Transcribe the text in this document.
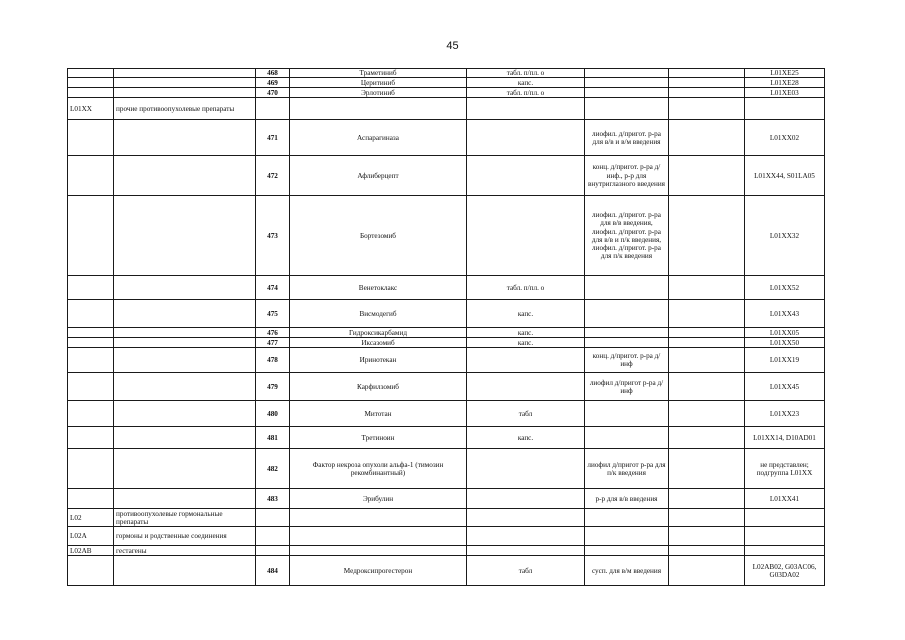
45
		468	Траметиниб	табл. п/пл. о			L01XE25
		469	Церитиниб	капс.			L01XE28
		470	Эрлотиниб	табл. п/пл. о			L01XE03
L01XX	прочие противоопухолевые препараты						
		471	Аспарагиназа		лиофил. д/пригот. р-ра для в/в и в/м введения		L01XX02
		472	Афлиберцепт		конц. д/пригот. р-ра д/инф., р-р для внутриглазного введения		L01XX44, S01LA05
		473	Бортезомиб		лиофил. д/пригот. р-ра для в/в введения, лиофил. д/пригот. р-ра для в/в и п/к введения, лиофил. д/пригот. р-ра для п/к введения		L01XX32
		474	Венетоклакс	табл. п/пл. о			L01XX52
		475	Висмодегиб	капс.			L01XX43
		476	Гидроксикарбамид	капс.			L01XX05
		477	Иксазомиб	капс.			L01XX50
		478	Иринотекан		конц. д/пригот. р-ра д/инф		L01XX19
		479	Карфилзомиб		лиофил д/пригот р-ра д/инф		L01XX45
		480	Митотан	табл			L01XX23
		481	Третиноин	капс.			L01XX14, D10AD01
		482	Фактор некроза опухоли альфа-1 (тимозин рекомбинантный)		лиофил д/пригот р-ра для п/к введения		не представлен; подгруппа L01XX
		483	Эрибулин		р-р для в/в введения		L01XX41
L02	противоопухолевые гормональные препараты						
L02A	гормоны и родственные соединения						
L02AB	гестагены						
		484	Медроксипрогестерон	табл	сусп. для в/м введения		L02AB02, G03AC06, G03DA02
